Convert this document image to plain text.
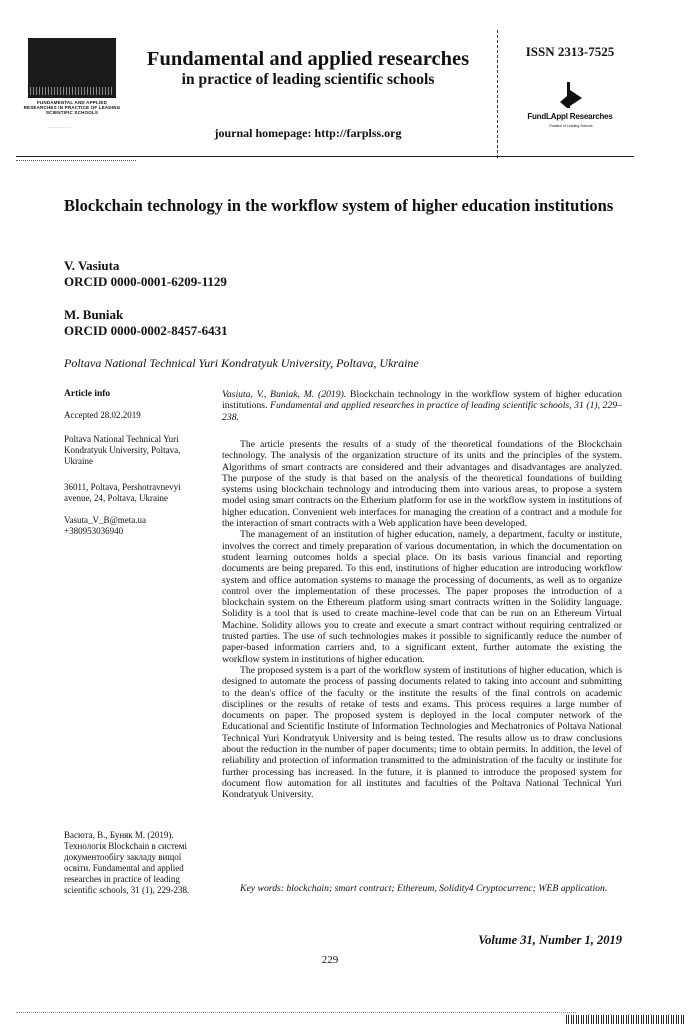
FUNDAMENTAL AND APPLIED RESEARCHES IN PRACTICE OF LEADING SCIENTIFIC SCHOOLS
· · · · · · · · · · ·
Fundamental and applied researches
in practice of leading scientific schools
journal homepage: http://farplss.org
ISSN 2313-7525
FundLAppl Researches
Practice of Leading Schools
Blockchain technology in the workflow system of higher education institutions
V. Vasiuta
ORCID 0000-0001-6209-1129
M. Buniak
ORCID 0000-0002-8457-6431
Poltava National Technical Yuri Kondratyuk University, Poltava, Ukraine
Article info
Accepted 28.02.2019
Poltava National Technical Yuri Kondratyuk University, Poltava, Ukraine
36011, Poltava, Pershotravnevyi avenue, 24, Poltava, Ukraine
Vasuta_V_B@meta.ua
+380953036940
Васюта, В., Буняк М. (2019). Технологія Blockchain в системі документообігу закладу вищої освіти. Fundamental and applied researches in practice of leading scientific schools, 31 (1), 229-238.

Vasiuta, V., Buniak, M. (2019). Blockchain technology in the workflow system of higher education institutions. Fundamental and applied researches in practice of leading scientific schools, 31 (1), 229–238.

The article presents the results of a study of the theoretical foundations of the Blockchain technology. The analysis of the organization structure of its units and the principles of the system. Algorithms of smart contracts are considered and their advantages and disadvantages are analyzed. The purpose of the study is that based on the analysis of the theoretical foundations of building systems using blockchain technology and introducing them into various areas, to propose a system model using smart contracts on the Etherium platform for use in the workflow system in institutions of higher education. Convenient web interfaces for managing the creation of a contract and a module for the interaction of smart contracts with a Web application have been developed.

The management of an institution of higher education, namely, a department, faculty or institute, involves the correct and timely preparation of various documentation, in which the documentation on student learning outcomes holds a special place. On its basis various financial and reporting documents are being prepared. To this end, institutions of higher education are introducing workflow system and office automation systems to manage the processing of documents, as well as to organize control over the implementation of these processes. The paper proposes the introduction of a blockchain system on the Ethereum platform using smart contracts written in the Solidity language. Solidity is a tool that is used to create machine-level code that can be run on an Ethereum Virtual Machine. Solidity allows you to create and execute a smart contract without requiring centralized or trusted parties. The use of such technologies makes it possible to significantly reduce the number of paper-based information carriers and, to a significant extent, further automate the existing the workflow system in institutions of higher education.

The proposed system is a part of the workflow system of institutions of higher education, which is designed to automate the process of passing documents related to taking into account and submitting to the dean's office of the faculty or the institute the results of the final controls on academic disciplines or the results of retake of tests and exams. This process requires a large number of documents on paper. The proposed system is deployed in the local computer network of the Educational and Scientific Institute of Information Technologies and Mechatronics of Poltava National Technical Yuri Kondratyuk University and is being tested. The results allow us to draw conclusions about the reduction in the number of paper documents; time to obtain permits. In addition, the level of reliability and protection of information transmitted to the administration of the faculty or institute for further processing has increased. In the future, it is planned to introduce the proposed system for document flow automation for all institutes and faculties of the Poltava National Technical Yuri Kondratyuk University.

Key words: blockchain; smart contract; Ethereum, Solidity4 Cryptocurrenc; WEB application.
Volume 31, Number 1, 2019
229
